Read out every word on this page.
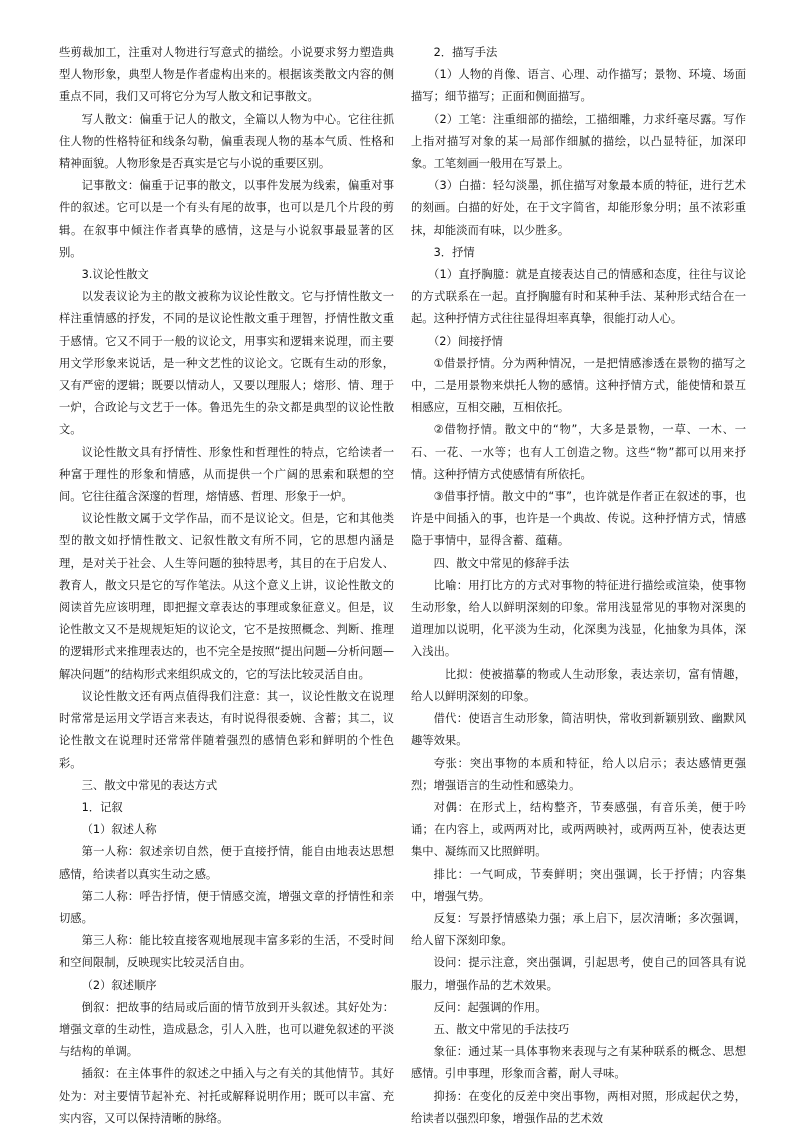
些剪裁加工，注重对人物进行写意式的描绘。小说要求努力塑造典型人物形象，典型人物是作者虚构出来的。根据该类散文内容的侧重点不同，我们又可将它分为写人散文和记事散文。

写人散文：偏重于记人的散文，全篇以人物为中心。它往往抓住人物的性格特征和线条勾勒，偏重表现人物的基本气质、性格和精神面貌。人物形象是否真实是它与小说的重要区别。

记事散文：偏重于记事的散文，以事件发展为线索，偏重对事件的叙述。它可以是一个有头有尾的故事，也可以是几个片段的剪辑。在叙事中倾注作者真挚的感情，这是与小说叙事最显著的区别。

3.议论性散文

以发表议论为主的散文被称为议论性散文。它与抒情性散文一样注重情感的抒发，不同的是议论性散文重于理智，抒情性散文重于感情。它又不同于一般的议论文，用事实和逻辑来说理，而主要用文学形象来说话，是一种文艺性的议论文。它既有生动的形象，又有严密的逻辑；既要以情动人，又要以理服人；熔形、情、理于一炉，合政论与文艺于一体。鲁迅先生的杂文都是典型的议论性散文。

议论性散文具有抒情性、形象性和哲理性的特点，它给读者一种富于理性的形象和情感，从而提供一个广阔的思索和联想的空间。它往往蕴含深邃的哲理，熔情感、哲理、形象于一炉。

议论性散文属于文学作品，而不是议论文。但是，它和其他类型的散文如抒情性散文、记叙性散文有所不同，它的思想内涵是理，是对关于社会、人生等问题的独特思考，其目的在于启发人、教育人，散文只是它的写作笔法。从这个意义上讲，议论性散文的阅读首先应该明理，即把握文章表达的事理或象征意义。但是，议论性散文又不是规规矩矩的议论文，它不是按照概念、判断、推理的逻辑形式来推理表达的，也不完全是按照“提出问题—分析问题—解决问题”的结构形式来组织成文的，它的写法比较灵活自由。

议论性散文还有两点值得我们注意：其一，议论性散文在说理时常常是运用文学语言来表达，有时说得很委婉、含蓄；其二，议论性散文在说理时还常常伴随着强烈的感情色彩和鲜明的个性色彩。

三、散文中常见的表达方式

1．记叙

（1）叙述人称

第一人称：叙述亲切自然，便于直接抒情，能自由地表达思想感情，给读者以真实生动之感。

第二人称：呼告抒情，便于情感交流，增强文章的抒情性和亲切感。

第三人称：能比较直接客观地展现丰富多彩的生活，不受时间和空间限制，反映现实比较灵活自由。

（2）叙述顺序

倒叙：把故事的结局或后面的情节放到开头叙述。其好处为：增强文章的生动性，造成悬念，引人入胜，也可以避免叙述的平淡与结构的单调。

插叙：在主体事件的叙述之中插入与之有关的其他情节。其好处为：对主要情节起补充、衬托或解释说明作用；既可以丰富、充实内容，又可以保持清晰的脉络。

2．描写手法

（1）人物的肖像、语言、心理、动作描写；景物、环境、场面描写；细节描写；正面和侧面描写。

（2）工笔：注重细部的描绘，工描细雕，力求纤毫尽露。写作上指对描写对象的某一局部作细腻的描绘，以凸显特征，加深印象。工笔刻画一般用在写景上。

（3）白描：轻勾淡墨，抓住描写对象最本质的特征，进行艺术的刻画。白描的好处，在于文字简省，却能形象分明；虽不浓彩重抹，却能淡而有味，以少胜多。

3．抒情

（1）直抒胸臆：就是直接表达自己的情感和态度，往往与议论的方式联系在一起。直抒胸臆有时和某种手法、某种形式结合在一起。这种抒情方式往往显得坦率真挚，很能打动人心。

（2）间接抒情

①借景抒情。分为两种情况，一是把情感渗透在景物的描写之中，二是用景物来烘托人物的感情。这种抒情方式，能使情和景互相感应，互相交融，互相依托。

②借物抒情。散文中的“物”，大多是景物，一草、一木、一石、一花、一水等；也有人工创造之物。这些“物”都可以用来抒情。这种抒情方式使感情有所依托。

③借事抒情。散文中的“事”，也许就是作者正在叙述的事，也许是中间插入的事，也许是一个典故、传说。这种抒情方式，情感隐于事情中，显得含蓄、蕴藉。

四、散文中常见的修辞手法

比喻：用打比方的方式对事物的特征进行描绘或渲染，使事物生动形象，给人以鲜明深刻的印象。常用浅显常见的事物对深奥的道理加以说明，化平淡为生动，化深奥为浅显，化抽象为具体，深入浅出。

比拟：使被描摹的物或人生动形象，表达亲切，富有情趣，给人以鲜明深刻的印象。

借代：使语言生动形象，简洁明快，常收到新颖别致、幽默风趣等效果。

夸张：突出事物的本质和特征，给人以启示；表达感情更强烈；增强语言的生动性和感染力。

对偶：在形式上，结构整齐，节奏感强，有音乐美，便于吟诵；在内容上，或两两对比，或两两映衬，或两两互补，使表达更集中、凝练而又比照鲜明。

排比：一气呵成，节奏鲜明；突出强调，长于抒情；内容集中，增强气势。

反复：写景抒情感染力强；承上启下，层次清晰；多次强调，给人留下深刻印象。

设问：提示注意，突出强调，引起思考，使自己的回答具有说服力，增强作品的艺术效果。

反问：起强调的作用。

五、散文中常见的手法技巧

象征：通过某一具体事物来表现与之有某种联系的概念、思想感情。引申事理，形象而含蓄，耐人寻味。

抑扬：在变化的反差中突出事物，两相对照，形成起伏之势，给读者以强烈印象，增强作品的艺术效
